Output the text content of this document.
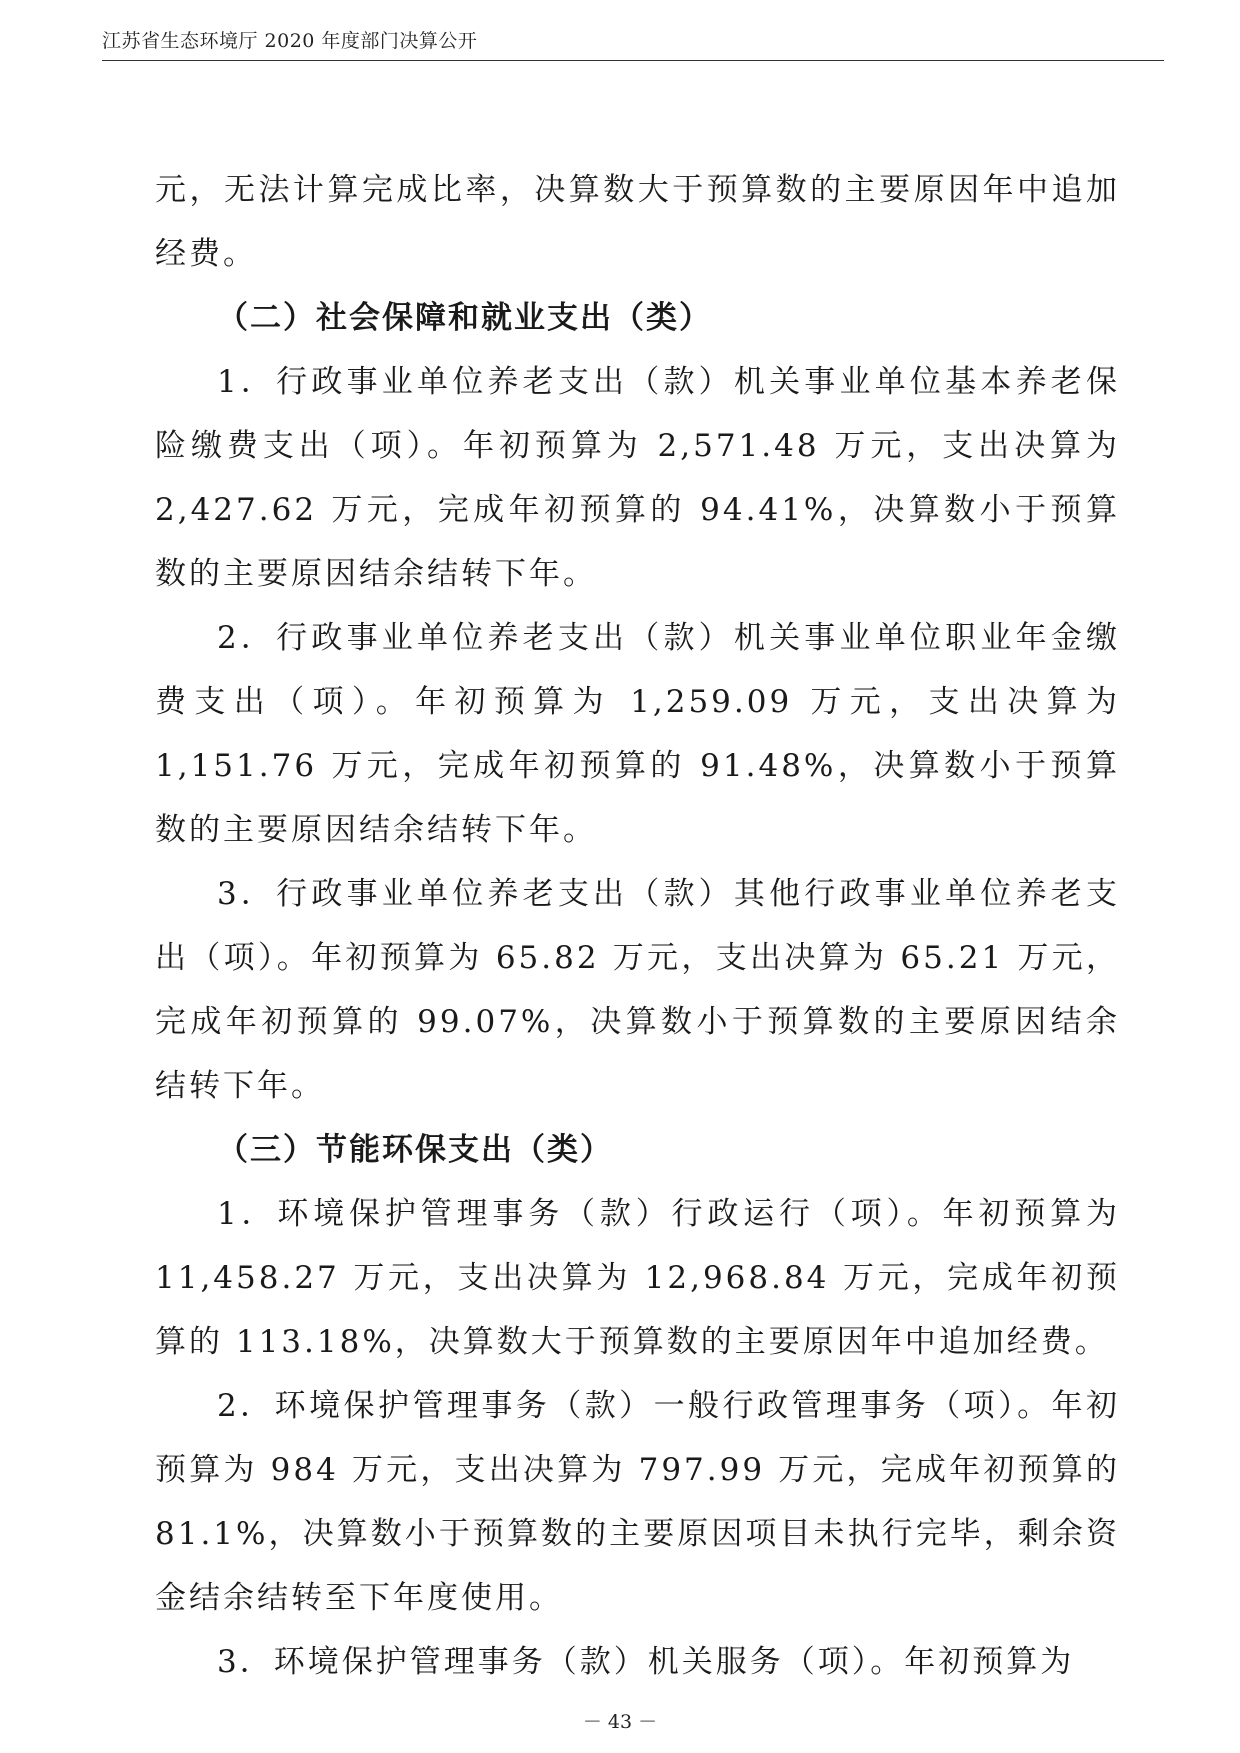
江苏省生态环境厅 2020 年度部门决算公开

元，无法计算完成比率，决算数大于预算数的主要原因年中追加经费。

（二）社会保障和就业支出（类）

1．行政事业单位养老支出（款）机关事业单位基本养老保险缴费支出（项）。年初预算为 2,571.48 万元，支出决算为 2,427.62 万元，完成年初预算的 94.41%，决算数小于预算数的主要原因结余结转下年。

2．行政事业单位养老支出（款）机关事业单位职业年金缴费支出（项）。年初预算为 1,259.09 万元，支出决算为 1,151.76 万元，完成年初预算的 91.48%，决算数小于预算数的主要原因结余结转下年。

3．行政事业单位养老支出（款）其他行政事业单位养老支出（项）。年初预算为 65.82 万元，支出决算为 65.21 万元，完成年初预算的 99.07%，决算数小于预算数的主要原因结余结转下年。

（三）节能环保支出（类）

1．环境保护管理事务（款）行政运行（项）。年初预算为 11,458.27 万元，支出决算为 12,968.84 万元，完成年初预算的 113.18%，决算数大于预算数的主要原因年中追加经费。

2．环境保护管理事务（款）一般行政管理事务（项）。年初预算为 984 万元，支出决算为 797.99 万元，完成年初预算的 81.1%，决算数小于预算数的主要原因项目未执行完毕，剩余资金结余结转至下年度使用。

3．环境保护管理事务（款）机关服务（项）。年初预算为

－ 43 －
